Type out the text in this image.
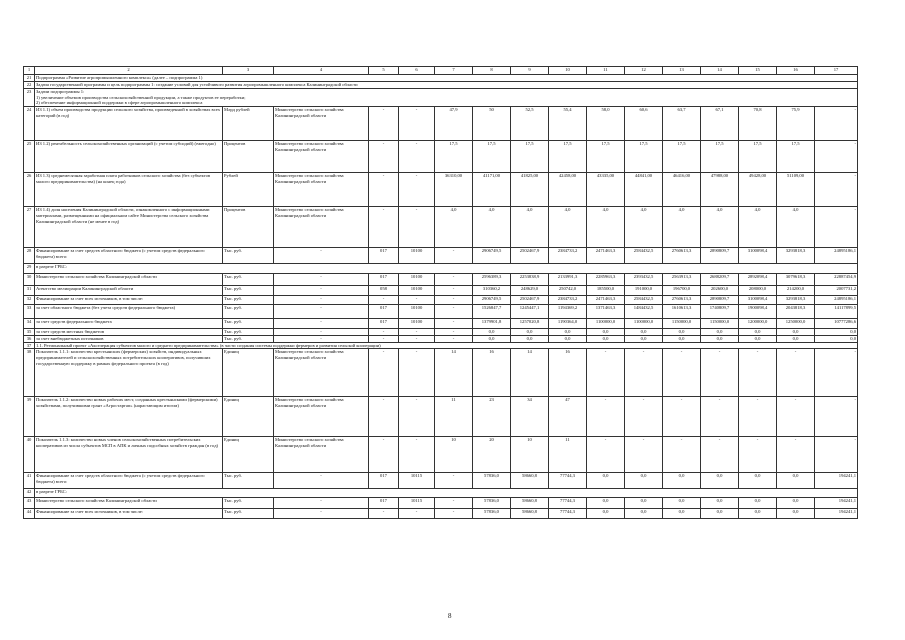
1	2	3	4	5	6	7	8	9	10	11	12	13	14	15	16	17
21	Подпрограмма «Развитие агропромышленного комплекса» (далее – подпрограмма 1)															
22	Задача государственной программы и цель подпрограммы 1: создание условий для устойчивого развития агропромышленного комплекса Калининградской области															
23	Задачи подпрограммы 1:
1) увеличение объемов производства сельскохозяйственной продукции, а также продуктов ее переработки;
2) обеспечение информационной поддержки в сфере агропромышленного комплекса															
24	ИЗ 1.1) объем производства продукции сельского хозяйства, произведенной в хозяйствах всех категорий (в год)	Млрд рублей	Министерство сельского хозяйства Калининградской области	-	-	47,9	50	52,5	55,4	58,0	60,6	63,7	67,1	70,8	75,9	-
25	ИЗ 1.2) рентабельность сельскохозяйственных организаций (с учетом субсидий) (ежегодно)	Процентов	Министерство сельского хозяйства Калининградской области	-	-	17,5	17,5	17,5	17,5	17,5	17,5	17,5	17,5	17,5	17,5	-
26	ИЗ 1.3) среднемесячная заработная плата работников сельского хозяйства (без субъектов малого предпринимательства) (на конец года)	Рублей	Министерство сельского хозяйства Калининградской области	-	-	36310,00	41171,00	41825,00	42458,00	43335,00	44841,00	46416,00	47988,00	49428,00	51109,00	-
27	ИЗ 1.4) доля населения Калининградской области, ознакомленного с информационными материалами, размещенными на официальном сайте Министерства сельского хозяйства Калининградской области (не менее в год)	Процентов	Министерство сельского хозяйства Калининградской области	-	-	4,0	4,0	4,0	4,0	4,0	4,0	4,0	4,0	4,0	4,0	-
28	Финансирование за счет средств областного бюджета (с учетом средств федерального бюджета) всего:	Тыс. руб.	-	017	10100	-	2906749,5	2502467,9	2384733,2	2471463,3	2584432,5	2760613,3	2890809,7	3100098,4	3293818,3	24895186,1
29	в разрезе ГРБС:															
30	Министерство сельского хозяйства Калининградской области	Тыс. руб.	-	017	10100	-	2596389,3	2253838,9	2133991,3	2285963,3	2393432,5	2563913,3	2688209,7	2892098,4	3079618,3	22887454,9
31	Агентство мелиорации Калининградской области	Тыс. руб.	-	058	10100	-	310360,2	248629,0	250742,0	185500,0	191000,0	196700,0	202600,0	208000,0	214200,0	2007731,2
32	Финансирование за счет всех источников, в том числе:	Тыс. руб.	-	-	-	-	2906749,5	2502467,9	2384733,2	2471463,3	2584432,5	2760613,3	2890809,7	3100098,4	3293818,3	24895186,1
33	за счет областного бюджета (без учета средств федерального бюджета)	Тыс. руб.	-	017	10100	-	1526847,7	1245447,1	1194369,2	1371463,3	1484432,5	1610613,3	1740809,7	1900098,4	2043818,3	14117899,5
34	за счет средств федерального бюджета	Тыс. руб.	-	017	10100	-	1379901,8	1257020,8	1190364,0	1100000,0	1100000,0	1150000,0	1150000,0	1200000,0	1250000,0	10777286,6
35	за счет средств местных бюджетов	Тыс. руб.	-	-	-	-	0,0	0,0	0,0	0,0	0,0	0,0	0,0	0,0	0,0	0,0
36	за счет внебюджетных источников	Тыс. руб.	-	-	-	-	0,0	0,0	0,0	0,0	0,0	0,0	0,0	0,0	0,0	0,0
37	1.1. Региональный проект «Акселерация субъектов малого и среднего предпринимательства» (в части создания системы поддержки фермеров и развития сельской кооперации)															
38	Показатель 1.1.1: количество крестьянских (фермерских) хозяйств, индивидуальных предпринимателей и сельскохозяйственных потребительских кооперативов, получивших государственную поддержку в рамках федерального проекта (в год)	Единиц	Министерство сельского хозяйства Калининградской области	-	-	14	16	14	16	-	-	-	-	-	-	-
39	Показатель 1.1.2: количество новых рабочих мест, созданных крестьянскими (фермерскими) хозяйствами, получившими грант «Агростартап» (нарастающим итогом)	Единиц	Министерство сельского хозяйства Калининградской области	-	-	11	23	34	47	-	-	-	-	-	-	-
40	Показатель 1.1.3: количество новых членов сельскохозяйственных потребительских кооперативов из числа субъектов МСП в АПК и личных подсобных хозяйств граждан (в год)	Единиц	Министерство сельского хозяйства Калининградской области	-	-	10	20	10	11	-	-	-	-	-	-	-
41	Финансирование за счет средств областного бюджета (с учетом средств федерального бюджета) всего:	Тыс. руб.	-	017	10115	-	57836,0	58660,8	77744,3	0,0	0,0	0,0	0,0	0,0	0,0	194241,1
42	в разрезе ГРБС:															
43	Министерство сельского хозяйства Калининградской области	Тыс. руб.	-	017	10115	-	57836,0	58660,8	77744,3	0,0	0,0	0,0	0,0	0,0	0,0	194241,1
44	Финансирование за счет всех источников, в том числе:	Тыс. руб.	-	-	-	-	57836,0	58660,8	77744,3	0,0	0,0	0,0	0,0	0,0	0,0	194241,1
8
